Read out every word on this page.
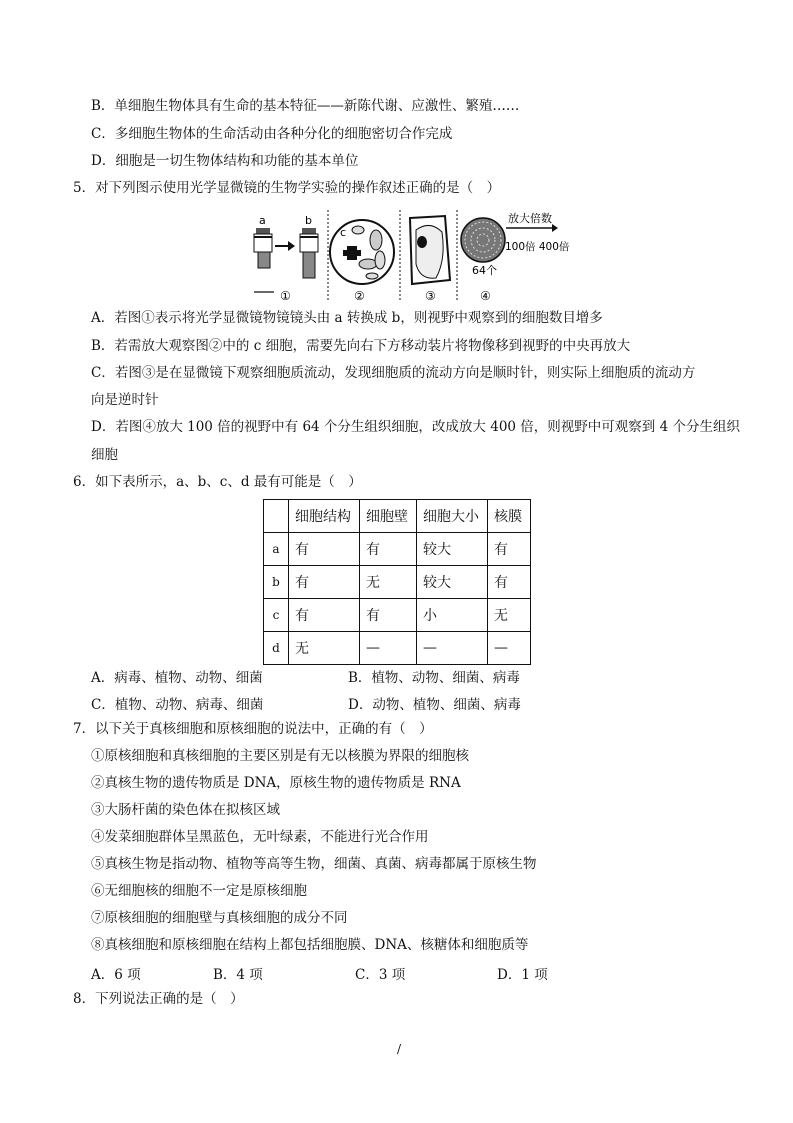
B．单细胞生物体具有生命的基本特征——新陈代谢、应激性、繁殖……
C．多细胞生物体的生命活动由各种分化的细胞密切合作完成
D．细胞是一切生物体结构和功能的基本单位
5．对下列图示使用光学显微镜的生物学实验的操作叙述正确的是（　）
a	b
①
c
②	③
放大倍数
100倍 400倍
64个
④
A．若图①表示将光学显微镜物镜镜头由 a 转换成 b，则视野中观察到的细胞数目增多
B．若需放大观察图②中的 c 细胞，需要先向右下方移动装片将物像移到视野的中央再放大
C．若图③是在显微镜下观察细胞质流动，发现细胞质的流动方向是顺时针，则实际上细胞质的流动方
向是逆时针
D．若图④放大 100 倍的视野中有 64 个分生组织细胞，改成放大 400 倍，则视野中可观察到 4 个分生组织
细胞
6．如下表所示，a、b、c、d 最有可能是（　）
	细胞结构	细胞壁	细胞大小	核膜
a	有	有	较大	有
b	有	无	较大	有
c	有	有	小	无
d	无	—	—	—
A．病毒、植物、动物、细菌	B．植物、动物、细菌、病毒
C．植物、动物、病毒、细菌	D．动物、植物、细菌、病毒
7．以下关于真核细胞和原核细胞的说法中，正确的有（　）
①原核细胞和真核细胞的主要区别是有无以核膜为界限的细胞核
②真核生物的遗传物质是 DNA，原核生物的遗传物质是 RNA
③大肠杆菌的染色体在拟核区域
④发菜细胞群体呈黑蓝色，无叶绿素，不能进行光合作用
⑤真核生物是指动物、植物等高等生物，细菌、真菌、病毒都属于原核生物
⑥无细胞核的细胞不一定是原核细胞
⑦原核细胞的细胞壁与真核细胞的成分不同
⑧真核细胞和原核细胞在结构上都包括细胞膜、DNA、核糖体和细胞质等
A．6 项	B．4 项	C．3 项	D．1 项
8．下列说法正确的是（　）
/
